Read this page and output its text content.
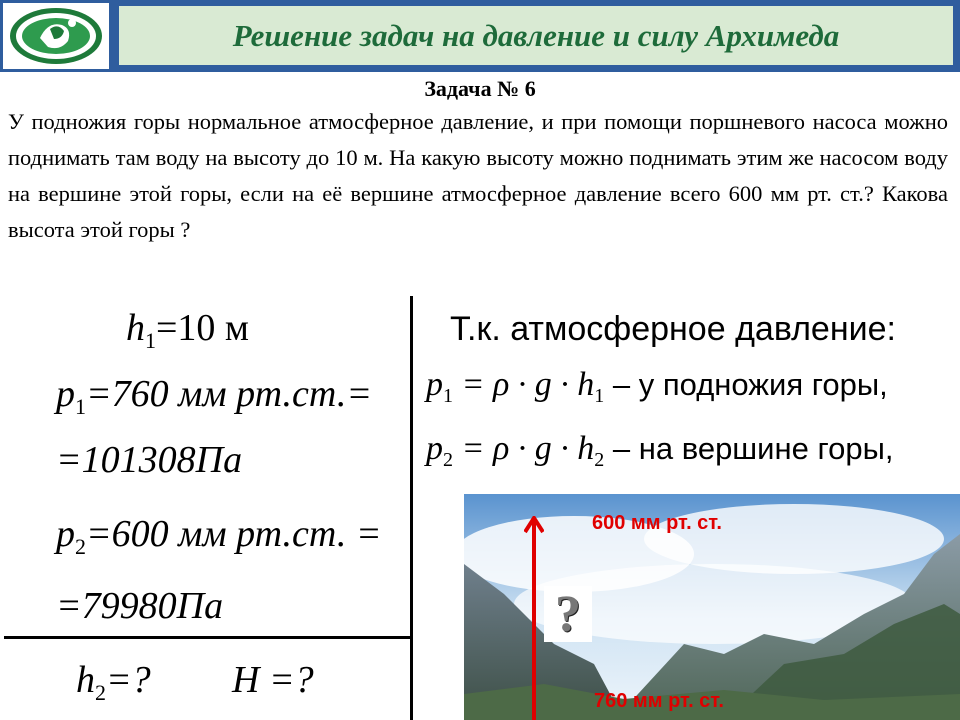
Решение задач на давление и силу Архимеда
Задача № 6
У подножия горы нормальное атмосферное давление, и при помощи поршневого насоса можно поднимать там воду на высоту до 10 м. На какую высоту можно поднимать этим же насосом воду на вершине этой горы, если на её вершине атмосферное давление всего 600 мм рт. ст.? Какова высота этой горы ?
$h_1=10$ м
$p_1=760$ мм рт.ст.=
=101308Па
$p_2=600$ мм рт.ст. =
=79980Па
$h_2=$? H =?
Т.к. атмосферное давление:
$p_1 = \rho \cdot g \cdot h_1 - у$ подножия горы,
$p_2 = \rho \cdot g \cdot h_2$ – на вершине горы,
?
600 мм рт. ст.
760 мм рт. ст.
